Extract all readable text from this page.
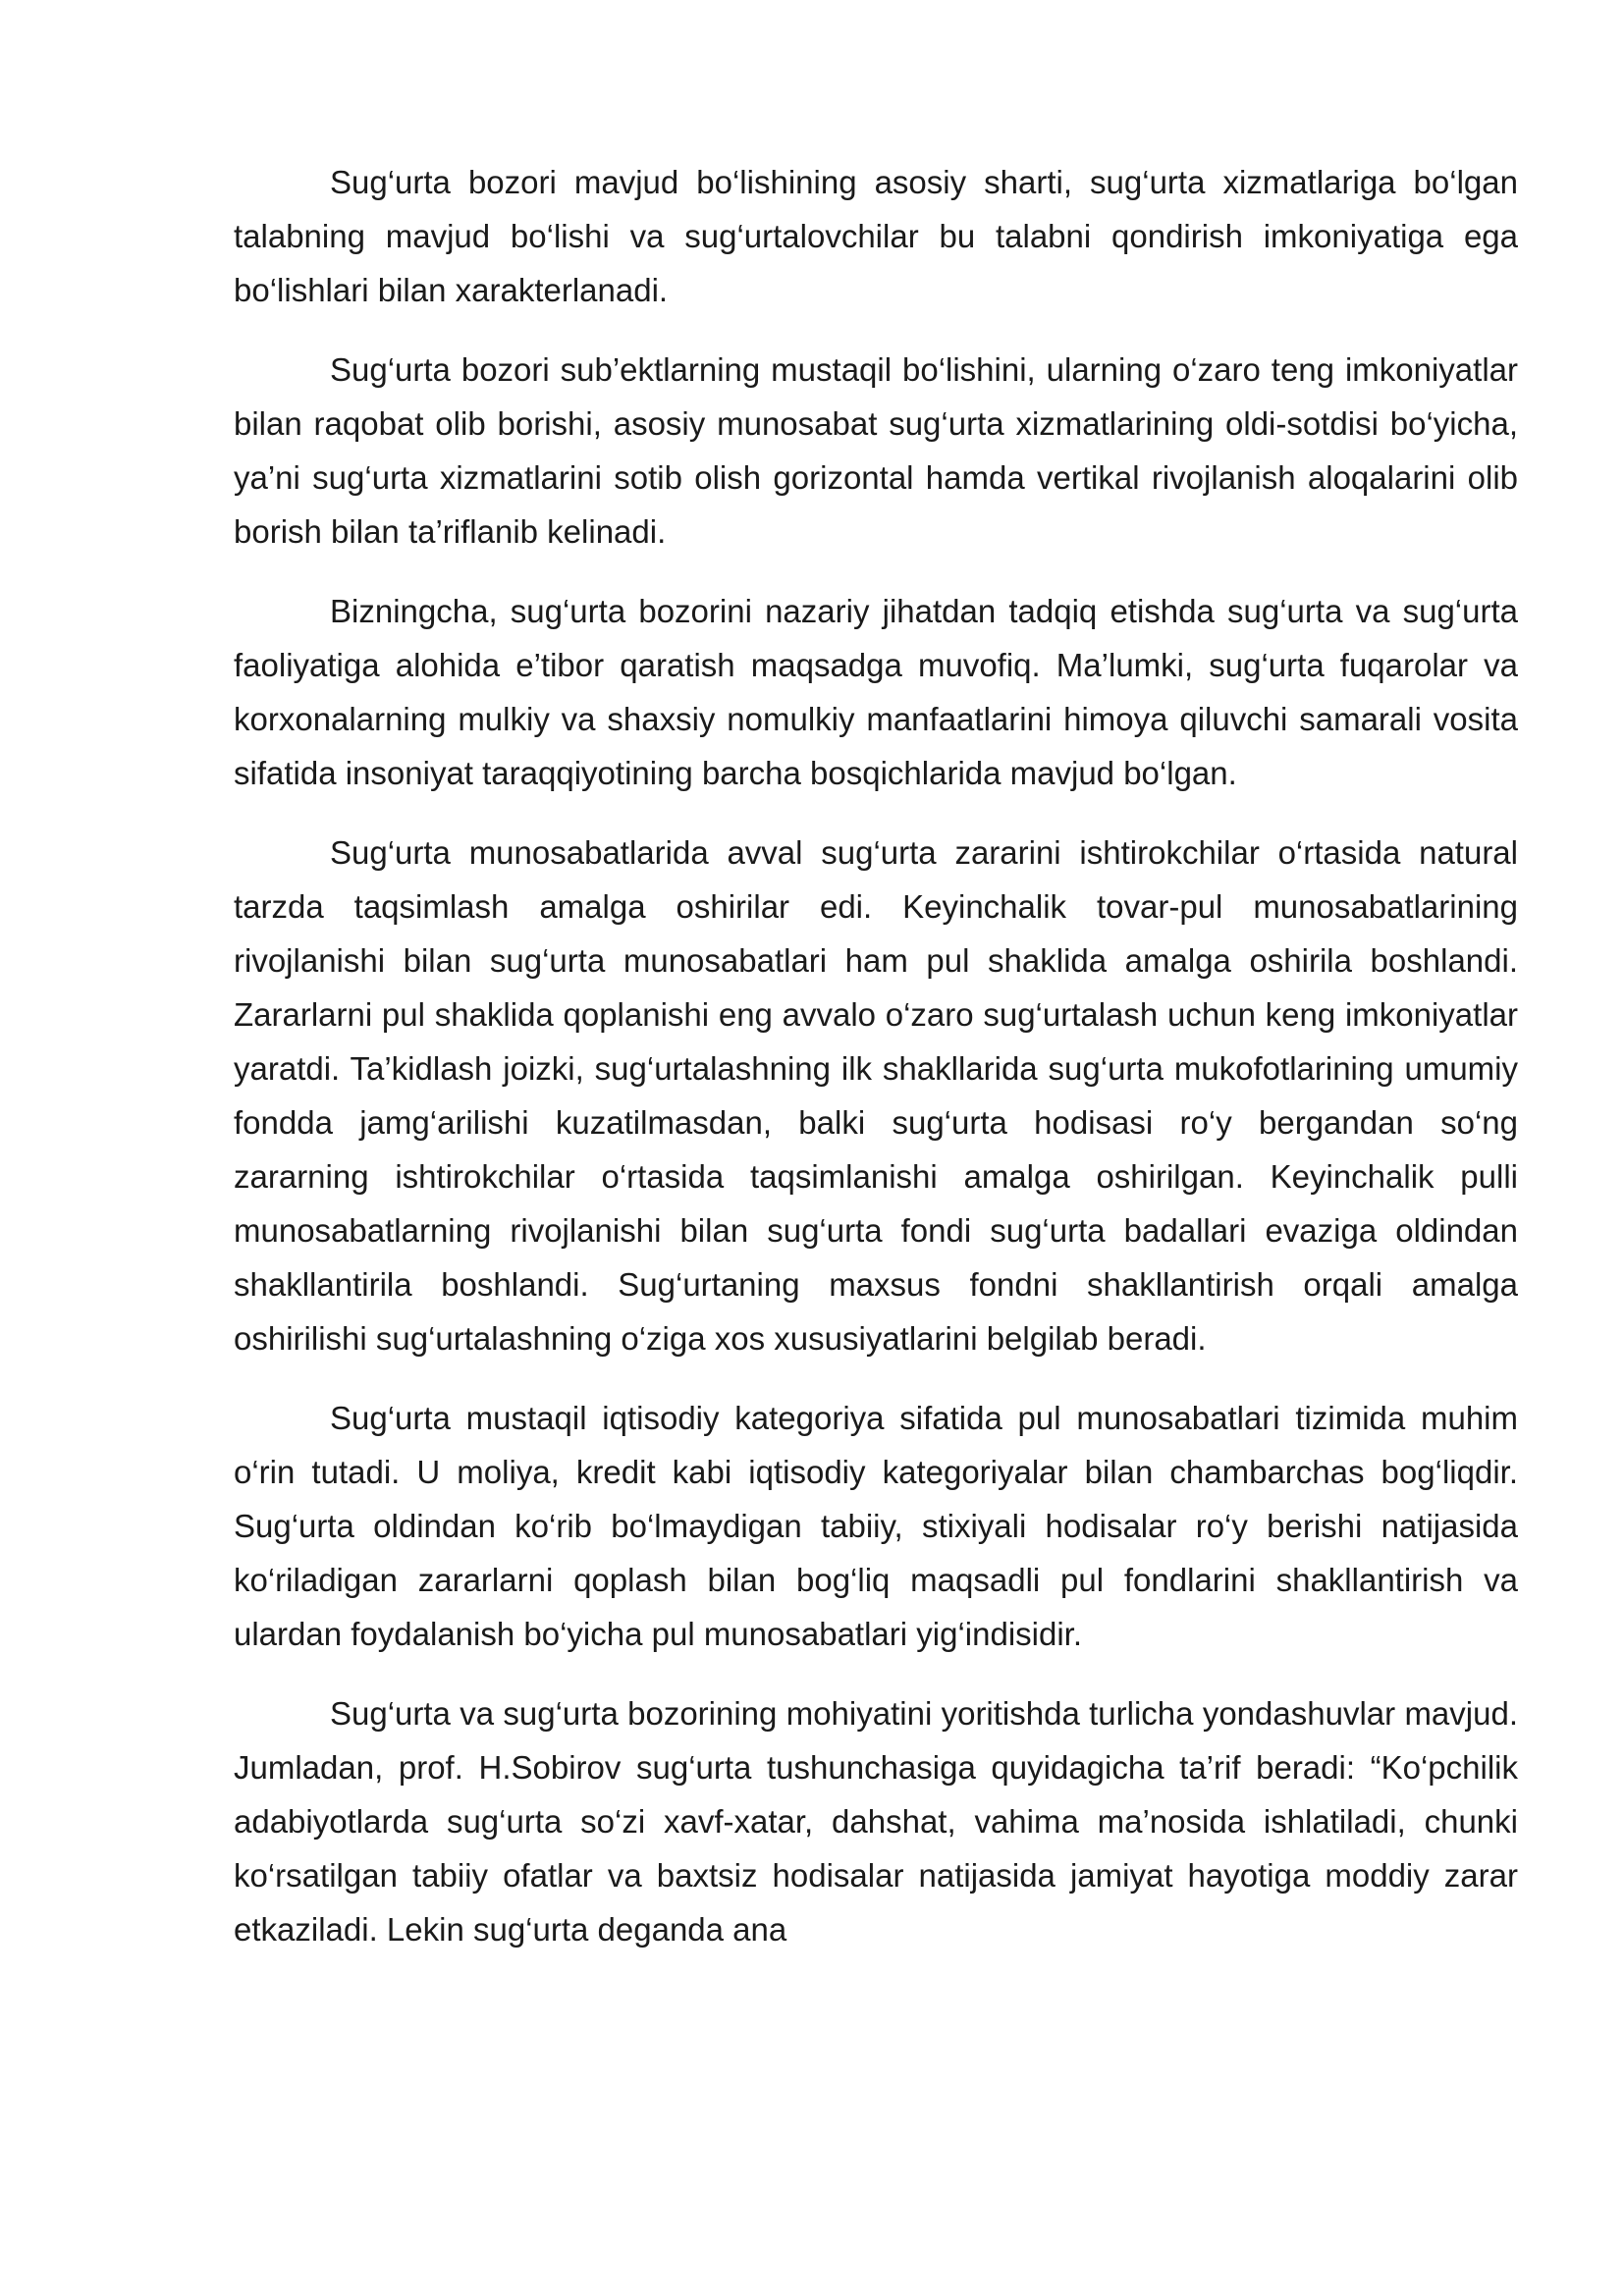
Sug‘urta bozori mavjud bo‘lishining asosiy sharti, sug‘urta xizmatlariga bo‘lgan talabning mavjud bo‘lishi va sug‘urtalovchilar bu talabni qondirish imkoniyatiga ega bo‘lishlari bilan xarakterlanadi.

Sug‘urta bozori sub’ektlarning mustaqil bo‘lishini, ularning o‘zaro teng imkoniyatlar bilan raqobat olib borishi, asosiy munosabat sug‘urta xizmatlarining oldi-sotdisi bo‘yicha, ya’ni sug‘urta xizmatlarini sotib olish gorizontal hamda vertikal rivojlanish aloqalarini olib borish bilan ta’riflanib kelinadi.

Bizningcha, sug‘urta bozorini nazariy jihatdan tadqiq etishda sug‘urta va sug‘urta faoliyatiga alohida e’tibor qaratish maqsadga muvofiq. Ma’lumki, sug‘urta fuqarolar va korxonalarning mulkiy va shaxsiy nomulkiy manfaatlarini himoya qiluvchi samarali vosita sifatida insoniyat taraqqiyotining barcha bosqichlarida mavjud bo‘lgan.

Sug‘urta munosabatlarida avval sug‘urta zararini ishtirokchilar o‘rtasida natural tarzda taqsimlash amalga oshirilar edi. Keyinchalik tovar-pul munosabatlarining rivojlanishi bilan sug‘urta munosabatlari ham pul shaklida amalga oshirila boshlandi. Zararlarni pul shaklida qoplanishi eng avvalo o‘zaro sug‘urtalash uchun keng imkoniyatlar yaratdi. Ta’kidlash joizki, sug‘urtalashning ilk shakllarida sug‘urta mukofotlarining umumiy fondda jamg‘arilishi kuzatilmasdan, balki sug‘urta hodisasi ro‘y bergandan so‘ng zararning ishtirokchilar o‘rtasida taqsimlanishi amalga oshirilgan. Keyinchalik pulli munosabatlarning rivojlanishi bilan sug‘urta fondi sug‘urta badallari evaziga oldindan shakllantirila boshlandi. Sug‘urtaning maxsus fondni shakllantirish orqali amalga oshirilishi sug‘urtalashning o‘ziga xos xususiyatlarini belgilab beradi.

Sug‘urta mustaqil iqtisodiy kategoriya sifatida pul munosabatlari tizimida muhim o‘rin tutadi. U moliya, kredit kabi iqtisodiy kategoriyalar bilan chambarchas bog‘liqdir. Sug‘urta oldindan ko‘rib bo‘lmaydigan tabiiy, stixiyali hodisalar ro‘y berishi natijasida ko‘riladigan zararlarni qoplash bilan bog‘liq maqsadli pul fondlarini shakllantirish va ulardan foydalanish bo‘yicha pul munosabatlari yig‘indisidir.

Sug‘urta va sug‘urta bozorining mohiyatini yoritishda turlicha yondashuvlar mavjud. Jumladan, prof. H.Sobirov sug‘urta tushunchasiga quyidagicha ta’rif beradi: “Ko‘pchilik adabiyotlarda sug‘urta so‘zi xavf-xatar, dahshat, vahima ma’nosida ishlatiladi, chunki ko‘rsatilgan tabiiy ofatlar va baxtsiz hodisalar natijasida jamiyat hayotiga moddiy zarar etkaziladi. Lekin sug‘urta deganda ana
